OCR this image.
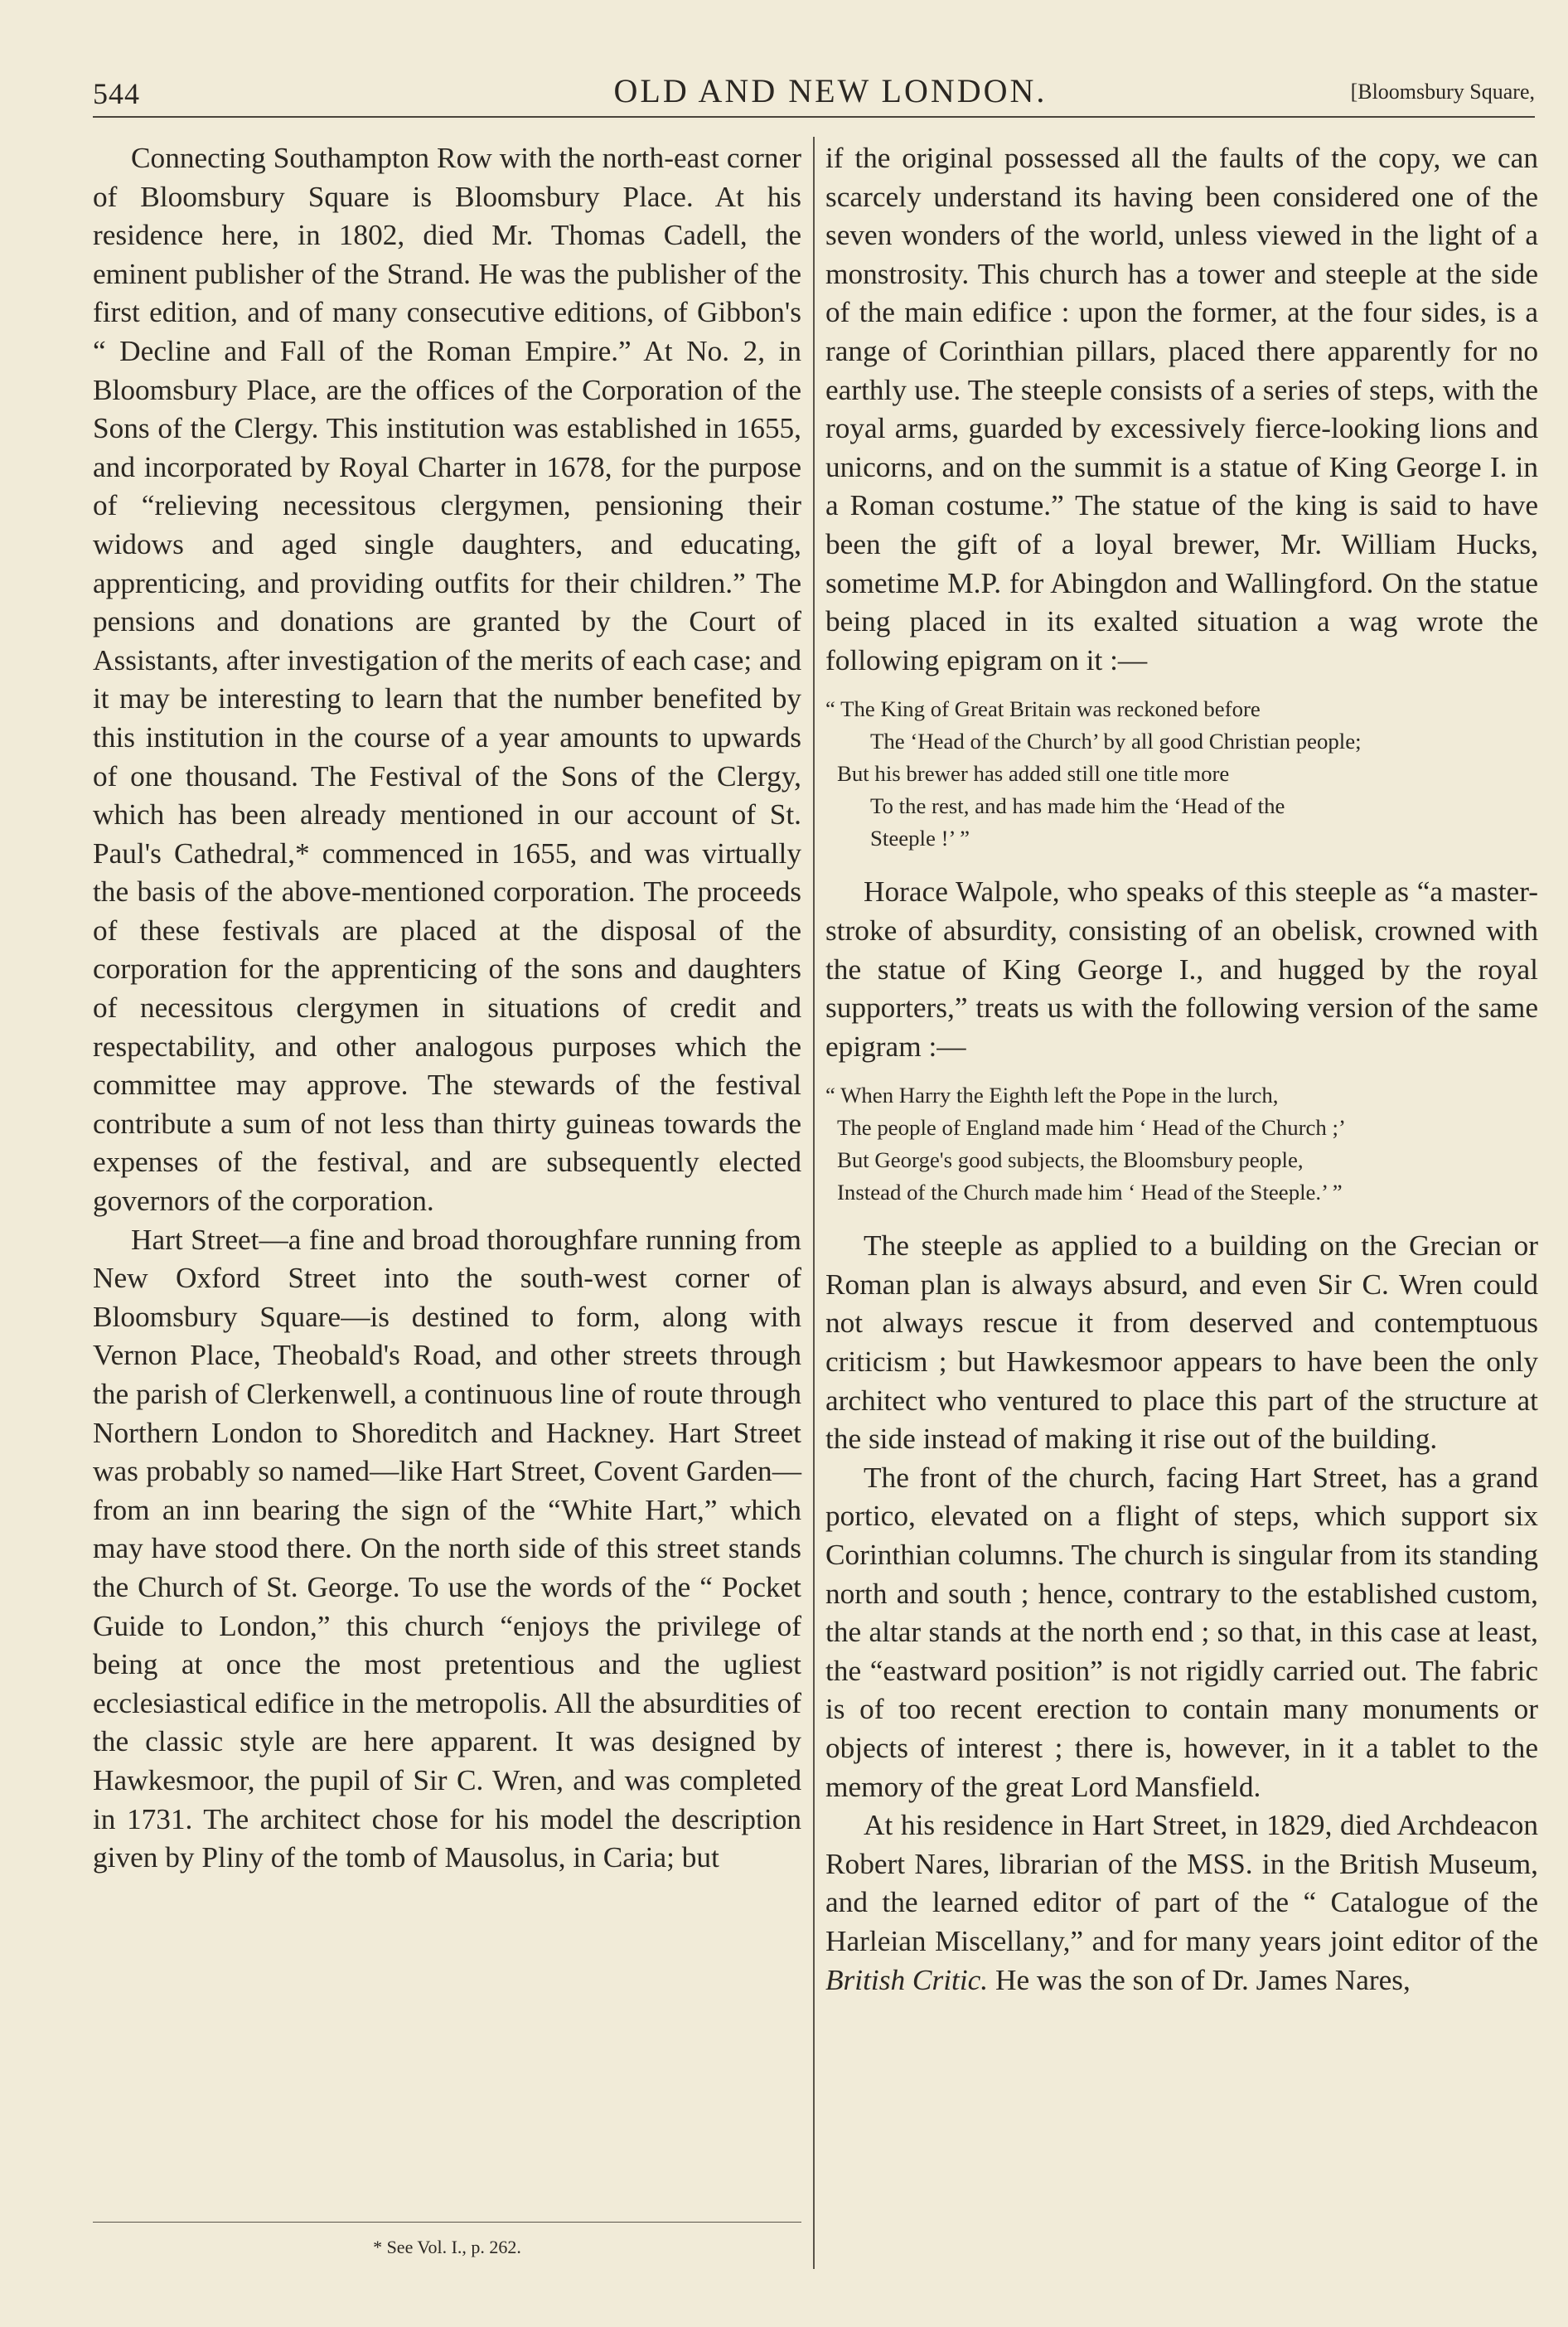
544	OLD AND NEW LONDON.	[Bloomsbury Square,

Connecting Southampton Row with the north-east corner of Bloomsbury Square is Bloomsbury Place. At his residence here, in 1802, died Mr. Thomas Cadell, the eminent publisher of the Strand. He was the publisher of the first edition, and of many consecutive editions, of Gibbon's “ Decline and Fall of the Roman Empire.” At No. 2, in Bloomsbury Place, are the offices of the Corporation of the Sons of the Clergy. This institution was established in 1655, and incorporated by Royal Charter in 1678, for the purpose of “relieving necessitous clergymen, pensioning their widows and aged single daughters, and educating, apprenticing, and providing outfits for their children.” The pensions and donations are granted by the Court of Assistants, after investigation of the merits of each case; and it may be interesting to learn that the number benefited by this institution in the course of a year amounts to upwards of one thousand. The Festival of the Sons of the Clergy, which has been already mentioned in our account of St. Paul's Cathedral,* commenced in 1655, and was virtually the basis of the above-mentioned corporation. The proceeds of these festivals are placed at the disposal of the corporation for the apprenticing of the sons and daughters of necessitous clergymen in situations of credit and respectability, and other analogous purposes which the committee may approve. The stewards of the festival contribute a sum of not less than thirty guineas towards the expenses of the festival, and are subsequently elected governors of the corporation.

Hart Street—a fine and broad thoroughfare running from New Oxford Street into the south-west corner of Bloomsbury Square—is destined to form, along with Vernon Place, Theobald's Road, and other streets through the parish of Clerkenwell, a continuous line of route through Northern London to Shoreditch and Hackney. Hart Street was probably so named—like Hart Street, Covent Garden—from an inn bearing the sign of the “White Hart,” which may have stood there. On the north side of this street stands the Church of St. George. To use the words of the “ Pocket Guide to London,” this church “enjoys the privilege of being at once the most pretentious and the ugliest ecclesiastical edifice in the metropolis. All the absurdities of the classic style are here apparent. It was designed by Hawkesmoor, the pupil of Sir C. Wren, and was completed in 1731. The architect chose for his model the description given by Pliny of the tomb of Mausolus, in Caria; but

if the original possessed all the faults of the copy, we can scarcely understand its having been considered one of the seven wonders of the world, unless viewed in the light of a monstrosity. This church has a tower and steeple at the side of the main edifice : upon the former, at the four sides, is a range of Corinthian pillars, placed there apparently for no earthly use. The steeple consists of a series of steps, with the royal arms, guarded by excessively fierce-looking lions and unicorns, and on the summit is a statue of King George I. in a Roman costume.” The statue of the king is said to have been the gift of a loyal brewer, Mr. William Hucks, sometime M.P. for Abingdon and Wallingford. On the statue being placed in its exalted situation a wag wrote the following epigram on it :—

“ The King of Great Britain was reckoned before
The ‘Head of the Church’ by all good Christian people;
But his brewer has added still one title more
To the rest, and has made him the ‘Head of the
Steeple !’ ”

Horace Walpole, who speaks of this steeple as “a master-stroke of absurdity, consisting of an obelisk, crowned with the statue of King George I., and hugged by the royal supporters,” treats us with the following version of the same epigram :—

“ When Harry the Eighth left the Pope in the lurch,
The people of England made him ‘ Head of the Church ;’
But George's good subjects, the Bloomsbury people,
Instead of the Church made him ‘ Head of the Steeple.’ ”

The steeple as applied to a building on the Grecian or Roman plan is always absurd, and even Sir C. Wren could not always rescue it from deserved and contemptuous criticism ; but Hawkesmoor appears to have been the only architect who ventured to place this part of the structure at the side instead of making it rise out of the building.

The front of the church, facing Hart Street, has a grand portico, elevated on a flight of steps, which support six Corinthian columns. The church is singular from its standing north and south ; hence, contrary to the established custom, the altar stands at the north end ; so that, in this case at least, the “eastward position” is not rigidly carried out. The fabric is of too recent erection to contain many monuments or objects of interest ; there is, however, in it a tablet to the memory of the great Lord Mansfield.

At his residence in Hart Street, in 1829, died Archdeacon Robert Nares, librarian of the MSS. in the British Museum, and the learned editor of part of the “ Catalogue of the Harleian Miscellany,” and for many years joint editor of the British Critic. He was the son of Dr. James Nares,

* See Vol. I., p. 262.
